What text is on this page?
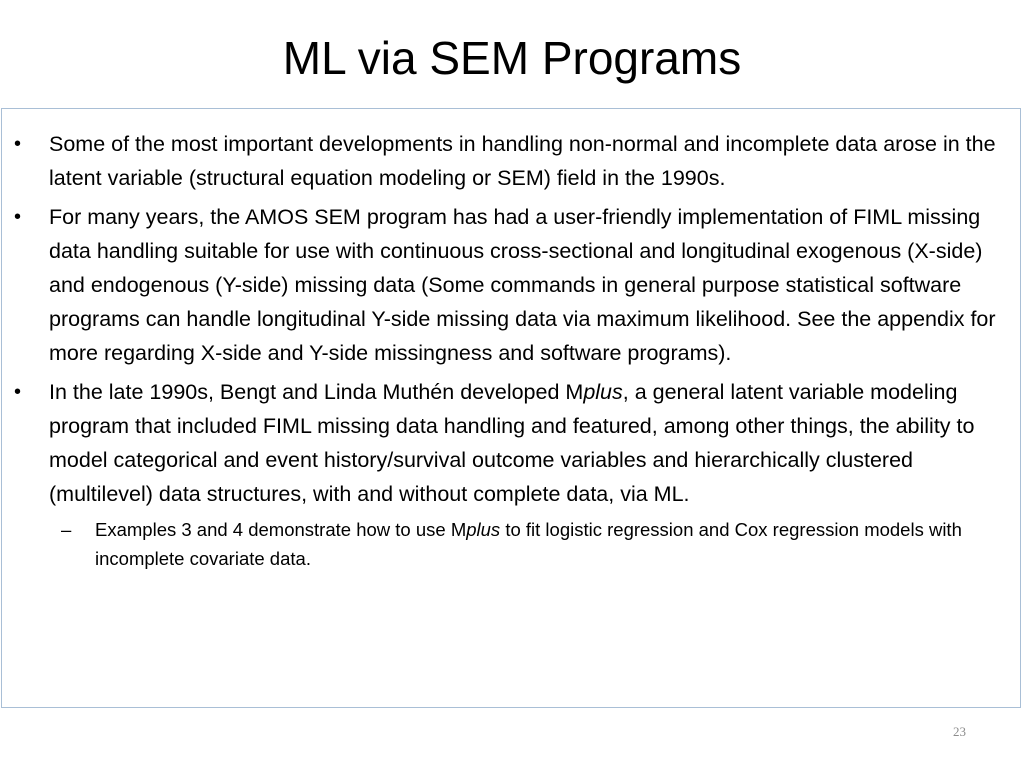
ML via SEM Programs
•	Some of the most important developments in handling non-normal and incomplete data arose in the latent variable (structural equation modeling or SEM) field in the 1990s.
•	For many years, the AMOS SEM program has had a user-friendly implementation of FIML missing data handling suitable for use with continuous cross-sectional and longitudinal exogenous (X-side) and endogenous (Y-side) missing data (Some commands in general purpose statistical software programs can handle longitudinal Y-side missing data via maximum likelihood. See the appendix for more regarding X-side and Y-side missingness and software programs).
•	In the late 1990s, Bengt and Linda Muthén developed Mplus, a general latent variable modeling program that included FIML missing data handling and featured, among other things, the ability to model categorical and event history/survival outcome variables and hierarchically clustered (multilevel) data structures, with and without complete data, via ML.
– Examples 3 and 4 demonstrate how to use Mplus to fit logistic regression and Cox regression models with incomplete covariate data.
23
